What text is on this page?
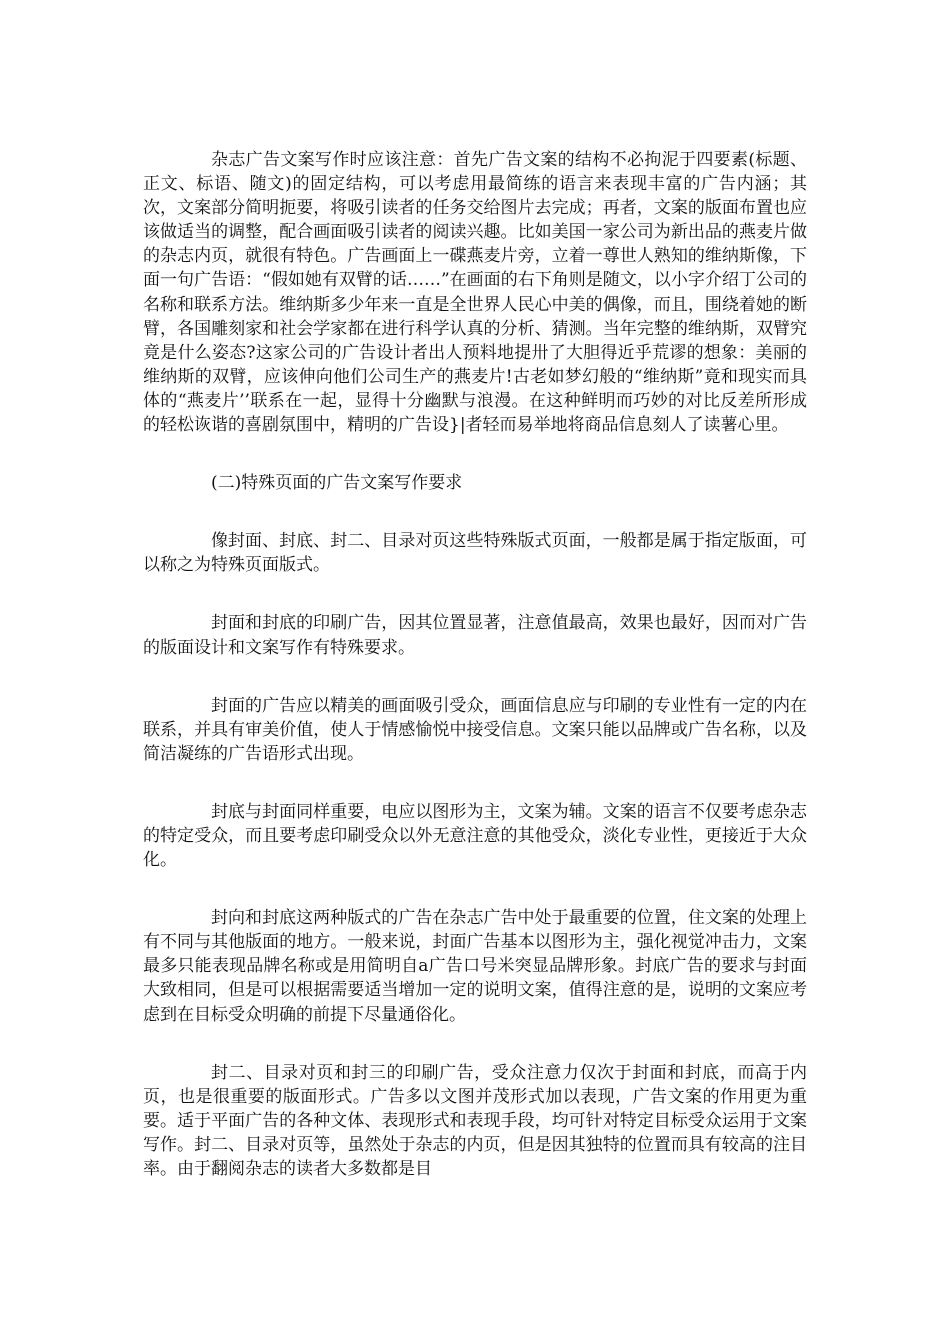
杂志广告文案写作时应该注意：首先广告文案的结构不必拘泥于四要素(标题、正文、标语、随文)的固定结构，可以考虑用最简练的语言来表现丰富的广告内涵；其次，文案部分简明扼要，将吸引读者的任务交给图片去完成；再者，文案的版面布置也应该做适当的调整，配合画面吸引读者的阅读兴趣。比如美国一家公司为新出品的燕麦片做的杂志内页，就很有特色。广告画面上一碟燕麦片旁，立着一尊世人熟知的维纳斯像，下面一句广告语：“假如她有双臂的话……”在画面的右下角则是随文，以小字介绍丁公司的名称和联系方法。维纳斯多少年来一直是全世界人民心中美的偶像，而且，围绕着她的断臂，各国雕刻家和社会学家都在进行科学认真的分析、猜测。当年完整的维纳斯，双臂究竟是什么姿态?这家公司的广告设计者出人预料地提卅了大胆得近乎荒谬的想象：美丽的维纳斯的双臂，应该伸向他们公司生产的燕麦片!古老如梦幻般的“维纳斯”竟和现实而具体的“燕麦片’’联系在一起，显得十分幽默与浪漫。在这种鲜明而巧妙的对比反差所形成的轻松诙谐的喜剧氛围中，精明的广告设}|者轻而易举地将商品信息刻人了读薯心里。

(二)特殊页面的广告文案写作要求

像封面、封底、封二、目录对页这些特殊版式页面，一般都是属于指定版面，可以称之为特殊页面版式。

封面和封底的印刷广告，因其位置显著，注意值最高，效果也最好，因而对广告的版面设计和文案写作有特殊要求。

封面的广告应以精美的画面吸引受众，画面信息应与印刷的专业性有一定的内在联系，并具有审美价值，使人于情感愉悦中接受信息。文案只能以品牌或广告名称，以及简洁凝练的广告语形式出现。

封底与封面同样重要，电应以图形为主，文案为辅。文案的语言不仅要考虑杂志的特定受众，而且要考虑印刷受众以外无意注意的其他受众，淡化专业性，更接近于大众化。

封向和封底这两种版式的广告在杂志广告中处于最重要的位置，住文案的处理上有不同与其他版面的地方。一般来说，封面广告基本以图形为主，强化视觉冲击力，文案最多只能表现品牌名称或是用简明自a广告口号米突显品牌形象。封底广告的要求与封面大致相同，但是可以根据需要适当增加一定的说明文案，值得注意的是，说明的文案应考虑到在目标受众明确的前提下尽量通俗化。

封二、目录对页和封三的印刷广告，受众注意力仅次于封面和封底，而高于内页，也是很重要的版面形式。广告多以文图并茂形式加以表现，广告文案的作用更为重要。适于平面广告的各种文体、表现形式和表现手段，均可针对特定目标受众运用于文案写作。封二、目录对页等，虽然处于杂志的内页，但是因其独特的位置而具有较高的注目率。由于翻阅杂志的读者大多数都是目
